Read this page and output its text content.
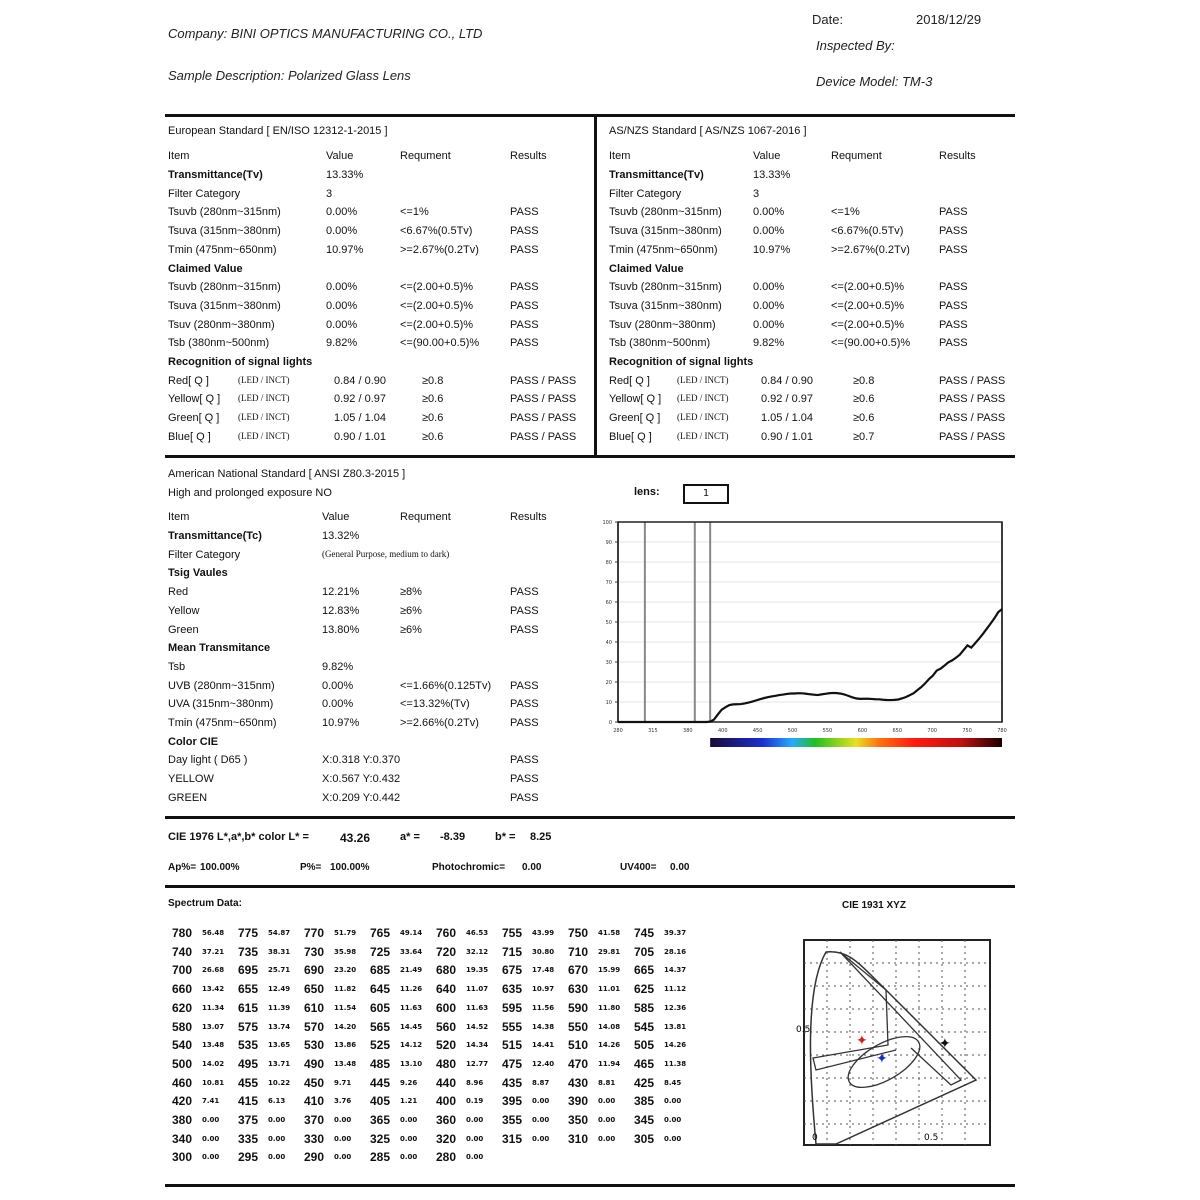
Company: BINI OPTICS MANUFACTURING CO., LTD
Sample Description: Polarized Glass Lens
Date:	2018/12/29
Inspected By:
Device Model: TM-3
European Standard [ EN/ISO 12312-1-2015 ]
Item	Value	Requment	Results
Transmittance(Tv)	13.33%
Filter Category	3
Tsuvb (280nm~315nm)	0.00%	<=1%	PASS
Tsuva (315nm~380nm)	0.00%	<6.67%(0.5Tv)	PASS
Tmin (475nm~650nm)	10.97%	>=2.67%(0.2Tv)	PASS
Claimed Value
Tsuvb (280nm~315nm)	0.00%	<=(2.00+0.5)%	PASS
Tsuva (315nm~380nm)	0.00%	<=(2.00+0.5)%	PASS
Tsuv (280nm~380nm)	0.00%	<=(2.00+0.5)%	PASS
Tsb (380nm~500nm)	9.82%	<=(90.00+0.5)%	PASS
Recognition of signal lights
Red[ Q ]	(LED / INCT)	0.84 / 0.90	≥0.8	PASS / PASS
Yellow[ Q ] (LED / INCT)	0.92 / 0.97	≥0.6	PASS / PASS
Green[ Q ] (LED / INCT)	1.05 / 1.04	≥0.6	PASS / PASS
Blue[ Q ]	(LED / INCT)	0.90 / 1.01	≥0.6	PASS / PASS
AS/NZS Standard [ AS/NZS 1067-2016 ]
Item	Value	Requment	Results
Transmittance(Tv)	13.33%
Filter Category	3
Tsuvb (280nm~315nm)	0.00%	<=1%	PASS
Tsuva (315nm~380nm)	0.00%	<6.67%(0.5Tv)	PASS
Tmin (475nm~650nm)	10.97%	>=2.67%(0.2Tv)	PASS
Claimed Value
Tsuvb (280nm~315nm)	0.00%	<=(2.00+0.5)%	PASS
Tsuva (315nm~380nm)	0.00%	<=(2.00+0.5)%	PASS
Tsuv (280nm~380nm)	0.00%	<=(2.00+0.5)%	PASS
Tsb (380nm~500nm)	9.82%	<=(90.00+0.5)%	PASS
Recognition of signal lights
Red[ Q ]	(LED / INCT)	0.84 / 0.90	≥0.8	PASS / PASS
Yellow[ Q ] (LED / INCT)	0.92 / 0.97	≥0.6	PASS / PASS
Green[ Q ] (LED / INCT)	1.05 / 1.04	≥0.6	PASS / PASS
Blue[ Q ]	(LED / INCT)	0.90 / 1.01	≥0.7	PASS / PASS
American National Standard [ ANSI Z80.3-2015 ]
High and prolonged exposure NO
Item	Value	Requment	Results
Transmittance(Tc)	13.32%
Filter Category	(General Purpose, medium to dark)
Tsig Vaules
Red	12.21%	≥8%	PASS
Yellow	12.83%	≥6%	PASS
Green	13.80%	≥6%	PASS
Mean Transmitance
Tsb	9.82%
UVB (280nm~315nm)	0.00%	<=1.66%(0.125Tv) PASS
UVA (315nm~380nm)	0.00%	<=13.32%(Tv)	PASS
Tmin (475nm~650nm)	10.97%	>=2.66%(0.2Tv)	PASS
Color CIE
Day light ( D65 )	X:0.318 Y:0.370	PASS
YELLOW	X:0.567 Y:0.432	PASS
GREEN	X:0.209 Y:0.442	PASS
lens:	1
0
10
20
30
40
50
60
70
80
90
100
280	315	380	400	450	500	550	600	650	700	750	780
CIE 1976 L*,a*,b* color L* =	43.26	a* = -8.39	b* = 8.25
Ap%= 100.00%	P%= 100.00%	Photochromic= 0.00	UV400= 0.00
Spectrum Data:
780 56.48 775 54.87 770 51.79 765 49.14 760 46.53 755 43.99 750 41.58 745 39.37
740 37.21 735 38.31 730 35.98 725 33.64 720 32.12 715 30.80 710 29.81 705 28.16
700 26.68 695 25.71 690 23.20 685 21.49 680 19.35 675 17.48 670 15.99 665 14.37
660 13.42 655 12.49 650 11.82 645 11.26 640 11.07 635 10.97 630 11.01 625 11.12
620 11.34 615 11.39 610 11.54 605 11.63 600 11.63 595 11.56 590 11.80 585 12.36
580 13.07 575 13.74 570 14.20 565 14.45 560 14.52 555 14.38 550 14.08 545 13.81
540 13.48 535 13.65 530 13.86 525 14.12 520 14.34 515 14.41 510 14.26 505 14.26
500 14.02 495 13.71 490 13.48 485 13.10 480 12.77 475 12.40 470 11.94 465 11.38
460 10.81 455 10.22 450 9.71 445 9.26 440 8.96 435 8.87 430 8.81 425 8.45
420 7.41 415 6.13 410 3.76 405 1.21 400 0.19 395 0.00 390 0.00 385 0.00
380 0.00 375 0.00 370 0.00 365 0.00 360 0.00 355 0.00 350 0.00 345 0.00
340 0.00 335 0.00 330 0.00 325 0.00 320 0.00 315 0.00 310 0.00 305 0.00
300 0.00 295 0.00 290 0.00 285 0.00 280 0.00
CIE 1931 XYZ
✦
✦
✦
0.5
0	0.5
